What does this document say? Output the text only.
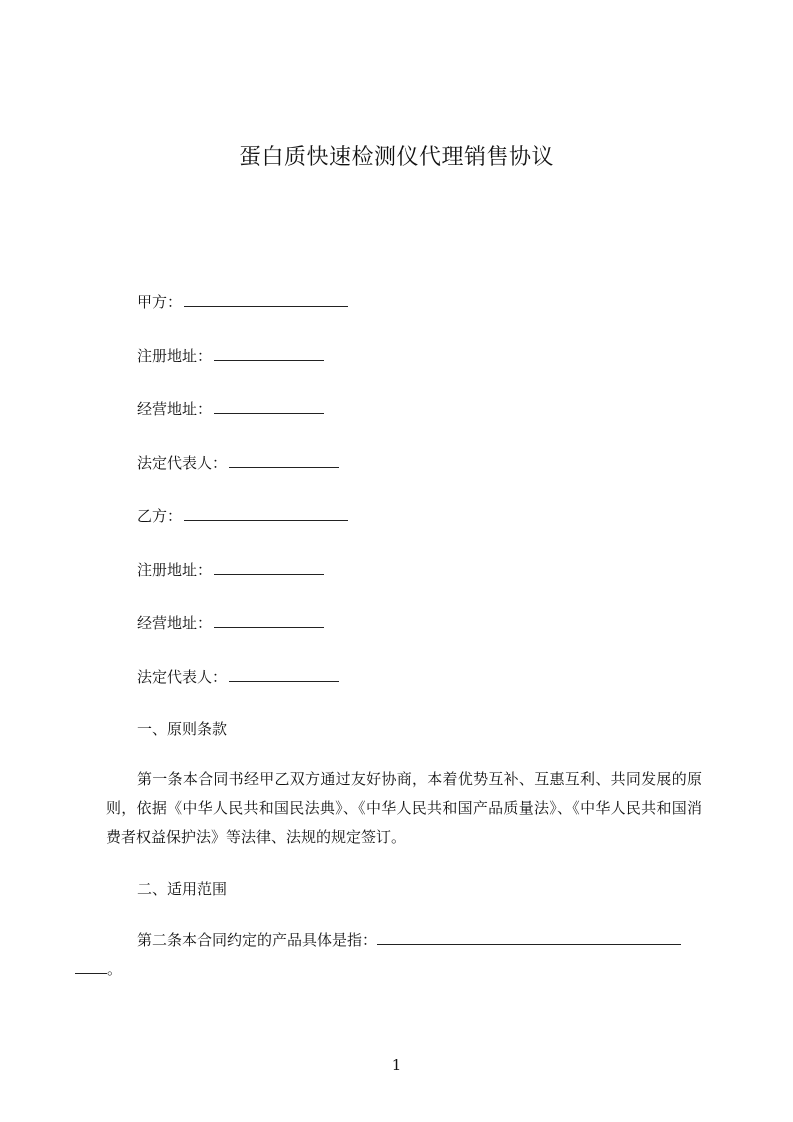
蛋白质快速检测仪代理销售协议
甲方：
注册地址：
经营地址：
法定代表人：
乙方：
注册地址：
经营地址：
法定代表人：
一、原则条款

第一条本合同书经甲乙双方通过友好协商，本着优势互补、互惠互利、共同发展的原则，依据《中华人民共和国民法典》、《中华人民共和国产品质量法》、《中华人民共和国消费者权益保护法》等法律、法规的规定签订。

二、适用范围

第二条本合同约定的产品具体是指：
。

1
